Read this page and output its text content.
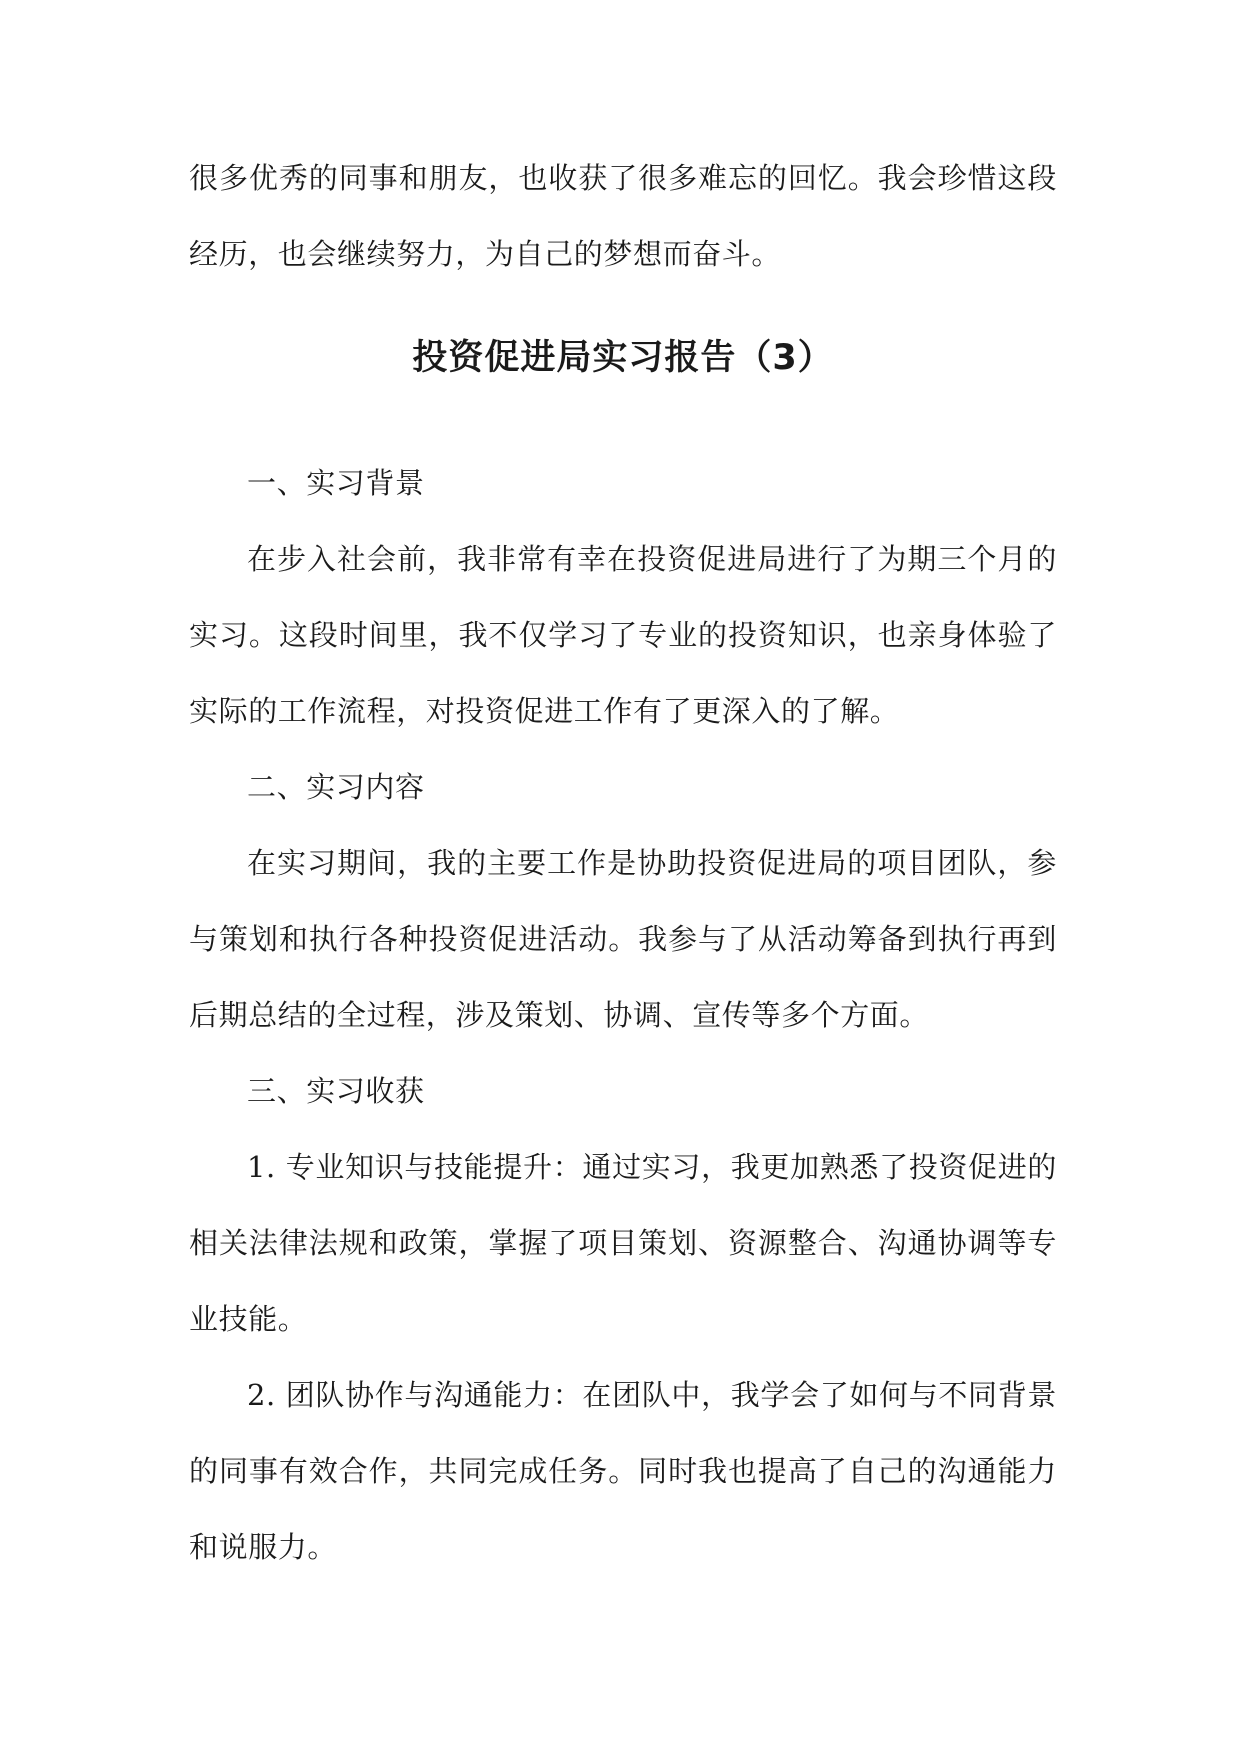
很多优秀的同事和朋友，也收获了很多难忘的回忆。我会珍惜这段经历，也会继续努力，为自己的梦想而奋斗。

投资促进局实习报告（3）

一、实习背景

在步入社会前，我非常有幸在投资促进局进行了为期三个月的实习。这段时间里，我不仅学习了专业的投资知识，也亲身体验了实际的工作流程，对投资促进工作有了更深入的了解。

二、实习内容

在实习期间，我的主要工作是协助投资促进局的项目团队，参与策划和执行各种投资促进活动。我参与了从活动筹备到执行再到后期总结的全过程，涉及策划、协调、宣传等多个方面。

三、实习收获

1. 专业知识与技能提升：通过实习，我更加熟悉了投资促进的相关法律法规和政策，掌握了项目策划、资源整合、沟通协调等专业技能。

2. 团队协作与沟通能力：在团队中，我学会了如何与不同背景的同事有效合作，共同完成任务。同时我也提高了自己的沟通能力和说服力。
